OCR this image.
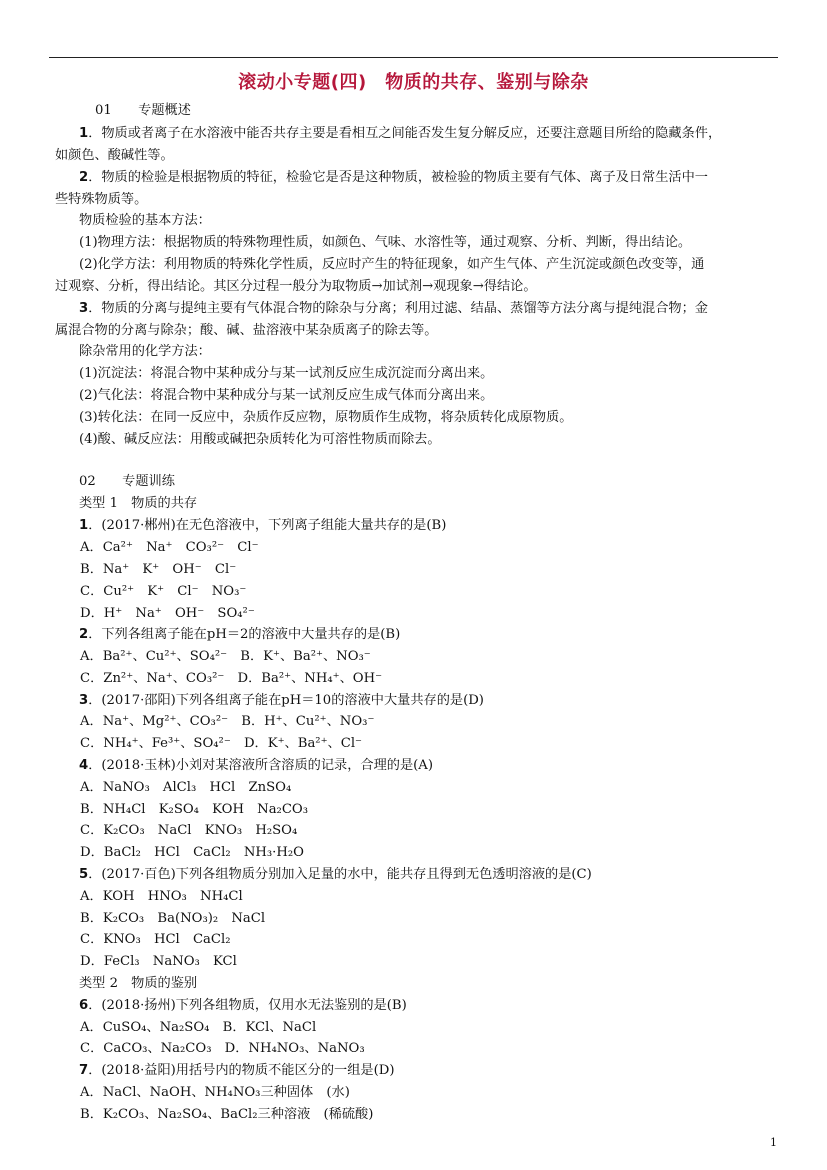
滚动小专题(四)　物质的共存、鉴别与除杂
01　　 专题概述
1．物质或者离子在水溶液中能否共存主要是看相互之间能否发生复分解反应，还要注意题目所给的隐藏条件，
如颜色、酸碱性等。
2．物质的检验是根据物质的特征，检验它是否是这种物质，被检验的物质主要有气体、离子及日常生活中一
些特殊物质等。
物质检验的基本方法：
(1)物理方法：根据物质的特殊物理性质，如颜色、气味、水溶性等，通过观察、分析、判断，得出结论。
(2)化学方法：利用物质的特殊化学性质，反应时产生的特征现象，如产生气体、产生沉淀或颜色改变等，通
过观察、分析，得出结论。其区分过程一般分为取物质→加试剂→观现象→得结论。
3．物质的分离与提纯主要有气体混合物的除杂与分离；利用过滤、结晶、蒸馏等方法分离与提纯混合物；金
属混合物的分离与除杂；酸、碱、盐溶液中某杂质离子的除去等。
除杂常用的化学方法：
(1)沉淀法：将混合物中某种成分与某一试剂反应生成沉淀而分离出来。
(2)气化法：将混合物中某种成分与某一试剂反应生成气体而分离出来。
(3)转化法：在同一反应中，杂质作反应物，原物质作生成物，将杂质转化成原物质。
(4)酸、碱反应法：用酸或碱把杂质转化为可溶性物质而除去。
02　　 专题训练
类型 1　 物质的共存
1．(2017·郴州)在无色溶液中，下列离子组能大量共存的是(B)
A．Ca²⁺　Na⁺　CO₃²⁻　Cl⁻
B．Na⁺　K⁺　OH⁻　Cl⁻
C．Cu²⁺　K⁺　Cl⁻　NO₃⁻
D．H⁺　Na⁺　OH⁻　SO₄²⁻
2．下列各组离子能在pH＝2的溶液中大量共存的是(B)
A．Ba²⁺、Cu²⁺、SO₄²⁻　B．K⁺、Ba²⁺、NO₃⁻
C．Zn²⁺、Na⁺、CO₃²⁻　D．Ba²⁺、NH₄⁺、OH⁻
3．(2017·邵阳)下列各组离子能在pH＝10的溶液中大量共存的是(D)
A．Na⁺、Mg²⁺、CO₃²⁻　B．H⁺、Cu²⁺、NO₃⁻
C．NH₄⁺、Fe³⁺、SO₄²⁻　D．K⁺、Ba²⁺、Cl⁻
4．(2018·玉林)小刘对某溶液所含溶质的记录，合理的是(A)
A．NaNO₃　AlCl₃　HCl　ZnSO₄
B．NH₄Cl　K₂SO₄　KOH　Na₂CO₃
C．K₂CO₃　NaCl　KNO₃　H₂SO₄
D．BaCl₂　HCl　CaCl₂　NH₃·H₂O
5．(2017·百色)下列各组物质分别加入足量的水中，能共存且得到无色透明溶液的是(C)
A．KOH　HNO₃　NH₄Cl
B．K₂CO₃　Ba(NO₃)₂　NaCl
C．KNO₃　HCl　CaCl₂
D．FeCl₃　NaNO₃　KCl
类型 2　 物质的鉴别
6．(2018·扬州)下列各组物质，仅用水无法鉴别的是(B)
A．CuSO₄、Na₂SO₄　B．KCl、NaCl
C．CaCO₃、Na₂CO₃　D．NH₄NO₃、NaNO₃
7．(2018·益阳)用括号内的物质不能区分的一组是(D)
A．NaCl、NaOH、NH₄NO₃三种固体　(水)
B．K₂CO₃、Na₂SO₄、BaCl₂三种溶液　(稀硫酸)
1
